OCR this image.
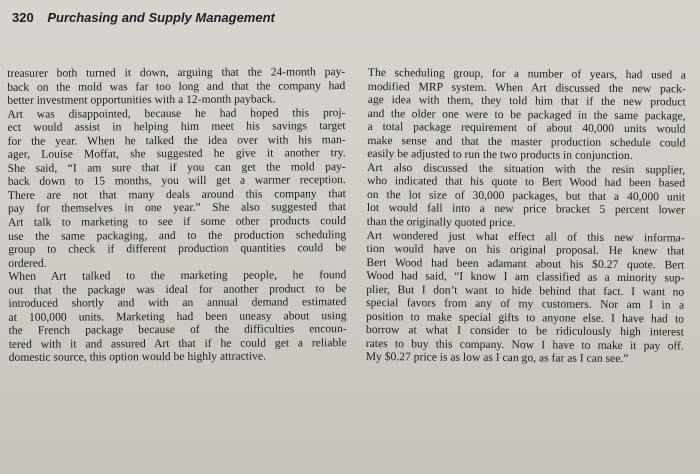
320 Purchasing and Supply Management
treasurer both turned it down, arguing that the 24-month pay-
back on the mold was far too long and that the company had
better investment opportunities with a 12-month payback.
Art was disappointed, because he had hoped this proj-
ect would assist in helping him meet his savings target
for the year. When he talked the idea over with his man-
ager, Louise Moffat, she suggested he give it another try.
She said, “I am sure that if you can get the mold pay-
back down to 15 months, you will get a warmer reception.
There are not that many deals around this company that
pay for themselves in one year.” She also suggested that
Art talk to marketing to see if some other products could
use the same packaging, and to the production scheduling
group to check if different production quantities could be
ordered.
When Art talked to the marketing people, he found
out that the package was ideal for another product to be
introduced shortly and with an annual demand estimated
at 100,000 units. Marketing had been uneasy about using
the French package because of the difficulties encoun-
tered with it and assured Art that if he could get a reliable
domestic source, this option would be highly attractive.
The scheduling group, for a number of years, had used a
modified MRP system. When Art discussed the new pack-
age idea with them, they told him that if the new product
and the older one were to be packaged in the same package,
a total package requirement of about 40,000 units would
make sense and that the master production schedule could
easily be adjusted to run the two products in conjunction.
Art also discussed the situation with the resin supplier,
who indicated that his quote to Bert Wood had been based
on the lot size of 30,000 packages, but that a 40,000 unit
lot would fall into a new price bracket 5 percent lower
than the originally quoted price.
Art wondered just what effect all of this new informa-
tion would have on his original proposal. He knew that
Bert Wood had been adamant about his $0.27 quote. Bert
Wood had said, “I know I am classified as a minority sup-
plier, But I don’t want to hide behind that fact. I want no
special favors from any of my customers. Nor am I in a
position to make special gifts to anyone else. I have had to
borrow at what I consider to be ridiculously high interest
rates to buy this company. Now I have to make it pay off.
My $0.27 price is as low as I can go, as far as I can see.”
